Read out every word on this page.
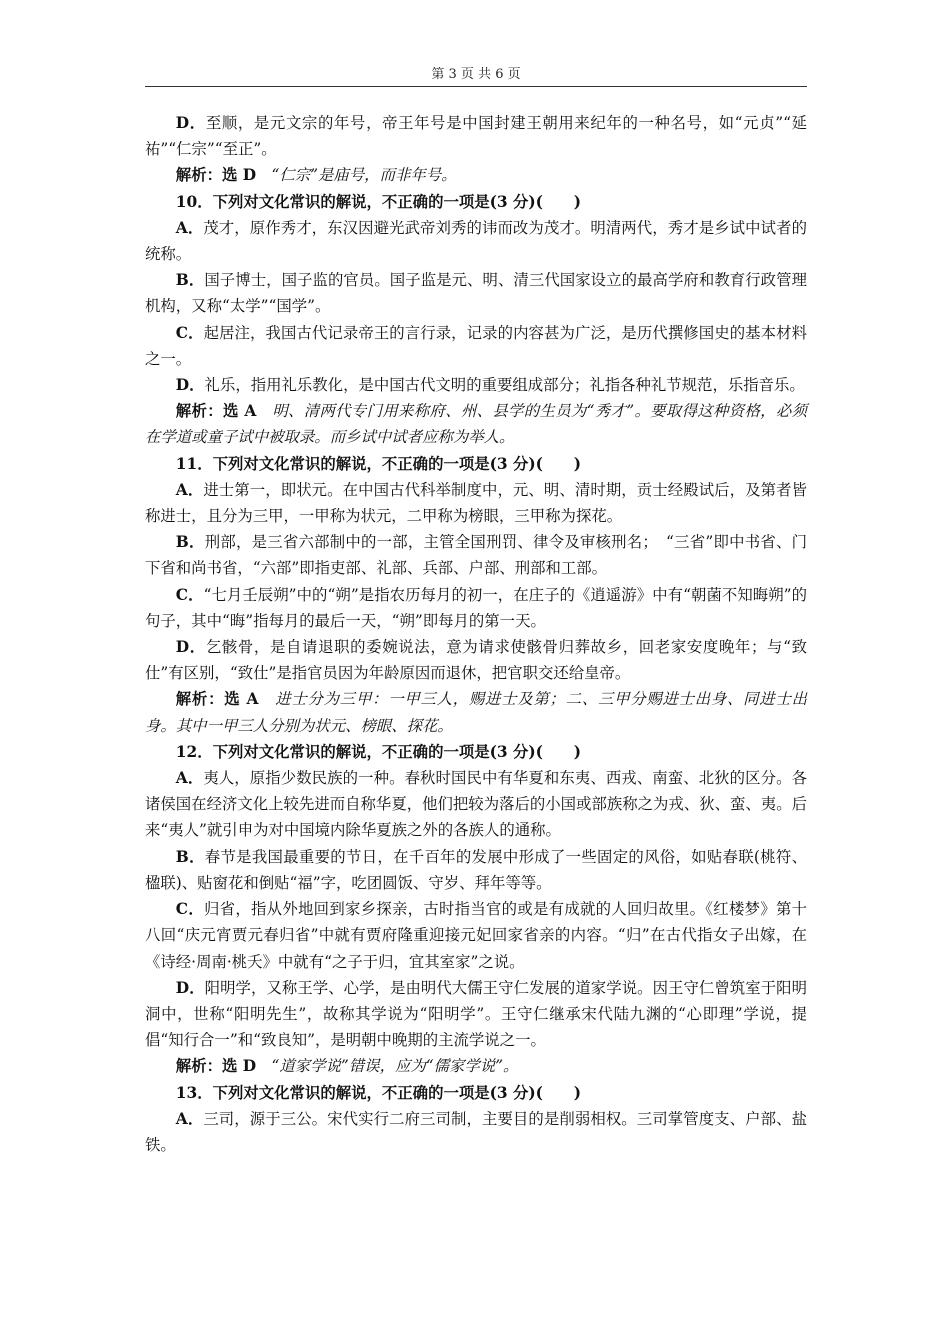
第 3 页 共 6 页

D．至顺，是元文宗的年号，帝王年号是中国封建王朝用来纪年的一种名号，如“元贞”“延祐”“仁宗”“至正”。

解析：选 D　“仁宗”是庙号，而非年号。

10．下列对文化常识的解说，不正确的一项是(3 分)(　　)

A．茂才，原作秀才，东汉因避光武帝刘秀的讳而改为茂才。明清两代，秀才是乡试中试者的统称。

B．国子博士，国子监的官员。国子监是元、明、清三代国家设立的最高学府和教育行政管理机构，又称“太学”“国学”。

C．起居注，我国古代记录帝王的言行录，记录的内容甚为广泛，是历代撰修国史的基本材料之一。

D．礼乐，指用礼乐教化，是中国古代文明的重要组成部分；礼指各种礼节规范，乐指音乐。

解析：选 A　明、清两代专门用来称府、州、县学的生员为“秀才”。要取得这种资格，必须在学道或童子试中被取录。而乡试中试者应称为举人。

11．下列对文化常识的解说，不正确的一项是(3 分)(　　)

A．进士第一，即状元。在中国古代科举制度中，元、明、清时期，贡士经殿试后，及第者皆称进士，且分为三甲，一甲称为状元，二甲称为榜眼，三甲称为探花。

B．刑部，是三省六部制中的一部，主管全国刑罚、律令及审核刑名；　“三省”即中书省、门下省和尚书省，“六部”即指吏部、礼部、兵部、户部、刑部和工部。

C．“七月壬辰朔”中的“朔”是指农历每月的初一，在庄子的《逍遥游》中有“朝菌不知晦朔”的句子，其中“晦”指每月的最后一天，“朔”即每月的第一天。

D．乞骸骨，是自请退职的委婉说法，意为请求使骸骨归葬故乡，回老家安度晚年；与“致仕”有区别，“致仕”是指官员因为年龄原因而退休，把官职交还给皇帝。

解析：选 A　进士分为三甲：一甲三人，赐进士及第；二、三甲分赐进士出身、同进士出身。其中一甲三人分别为状元、榜眼、探花。

12．下列对文化常识的解说，不正确的一项是(3 分)(　　)

A．夷人，原指少数民族的一种。春秋时国民中有华夏和东夷、西戎、南蛮、北狄的区分。各诸侯国在经济文化上较先进而自称华夏，他们把较为落后的小国或部族称之为戎、狄、蛮、夷。后来“夷人”就引申为对中国境内除华夏族之外的各族人的通称。

B．春节是我国最重要的节日，在千百年的发展中形成了一些固定的风俗，如贴春联(桃符、楹联)、贴窗花和倒贴“福”字，吃团圆饭、守岁、拜年等等。

C．归省，指从外地回到家乡探亲，古时指当官的或是有成就的人回归故里。《红楼梦》第十八回“庆元宵贾元春归省”中就有贾府隆重迎接元妃回家省亲的内容。“归”在古代指女子出嫁，在《诗经·周南·桃夭》中就有“之子于归，宜其室家”之说。

D．阳明学，又称王学、心学，是由明代大儒王守仁发展的道家学说。因王守仁曾筑室于阳明洞中，世称“阳明先生”，故称其学说为“阳明学”。王守仁继承宋代陆九渊的“心即理”学说，提倡“知行合一”和“致良知”，是明朝中晚期的主流学说之一。

解析：选 D　“道家学说”错误，应为“儒家学说”。

13．下列对文化常识的解说，不正确的一项是(3 分)(　　)

A．三司，源于三公。宋代实行二府三司制，主要目的是削弱相权。三司掌管度支、户部、盐铁。
